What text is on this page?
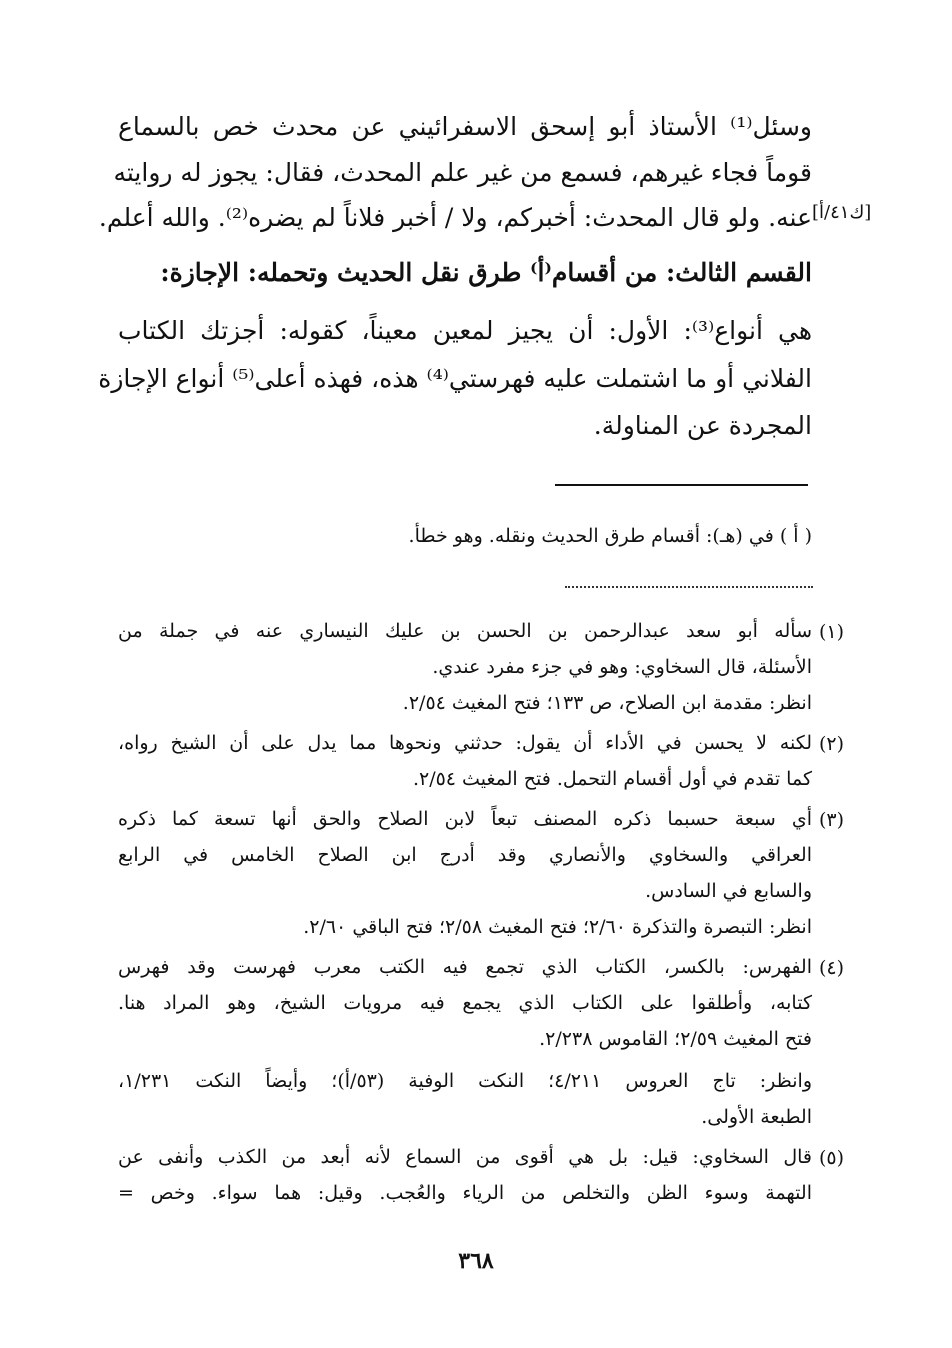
وسئل⁽¹⁾ الأستاذ أبو إسحق الاسفرائيني عن محدث خص بالسماع
قوماً فجاء غيرهم، فسمع من غير علم المحدث، فقال: يجوز له روايته
عنه. ولو قال المحدث: أخبركم، ولا / أخبر فلاناً لم يضره⁽²⁾. والله أعلم. [ك٤١/أ]
القسم الثالث: من أقسام⁽أ⁾ طرق نقل الحديث وتحمله: الإجازة:
هي أنواع⁽³⁾: الأول: أن يجيز لمعين معيناً، كقوله: أجزتك الكتاب
الفلاني أو ما اشتملت عليه فهرستي⁽⁴⁾ هذه، فهذه أعلى⁽⁵⁾ أنواع الإجازة
المجردة عن المناولة.
( أ ) في (هـ): أقسام طرق الحديث ونقله. وهو خطأ.
(١)
سأله أبو سعد عبدالرحمن بن الحسن بن عليك النيساري عنه في جملة من
الأسئلة، قال السخاوي: وهو في جزء مفرد عندي.
انظر: مقدمة ابن الصلاح، ص ١٣٣؛ فتح المغيث ٢/٥٤.
(٢)
لكنه لا يحسن في الأداء أن يقول: حدثني ونحوها مما يدل على أن الشيخ رواه،
كما تقدم في أول أقسام التحمل. فتح المغيث ٢/٥٤.
(٣)
أي سبعة حسبما ذكره المصنف تبعاً لابن الصلاح والحق أنها تسعة كما ذكره
العراقي والسخاوي والأنصاري وقد أدرج ابن الصلاح الخامس في الرابع
والسابع في السادس.
انظر: التبصرة والتذكرة ٢/٦٠؛ فتح المغيث ٢/٥٨؛ فتح الباقي ٢/٦٠.
(٤)
الفهرس: بالكسر، الكتاب الذي تجمع فيه الكتب معرب فهرست وقد فهرس
كتابه، وأطلقوا على الكتاب الذي يجمع فيه مرويات الشيخ، وهو المراد هنا.
فتح المغيث ٢/٥٩؛ القاموس ٢/٢٣٨.
وانظر: تاج العروس ٤/٢١١؛ النكت الوفية (٥٣/أ)؛ وأيضاً النكت ١/٢٣١،
الطبعة الأولى.
(٥)
قال السخاوي: قيل: بل هي أقوى من السماع لأنه أبعد من الكذب وأنفى عن
التهمة وسوء الظن والتخلص من الرياء والعُجب. وقيل: هما سواء. وخص =
٣٦٨
